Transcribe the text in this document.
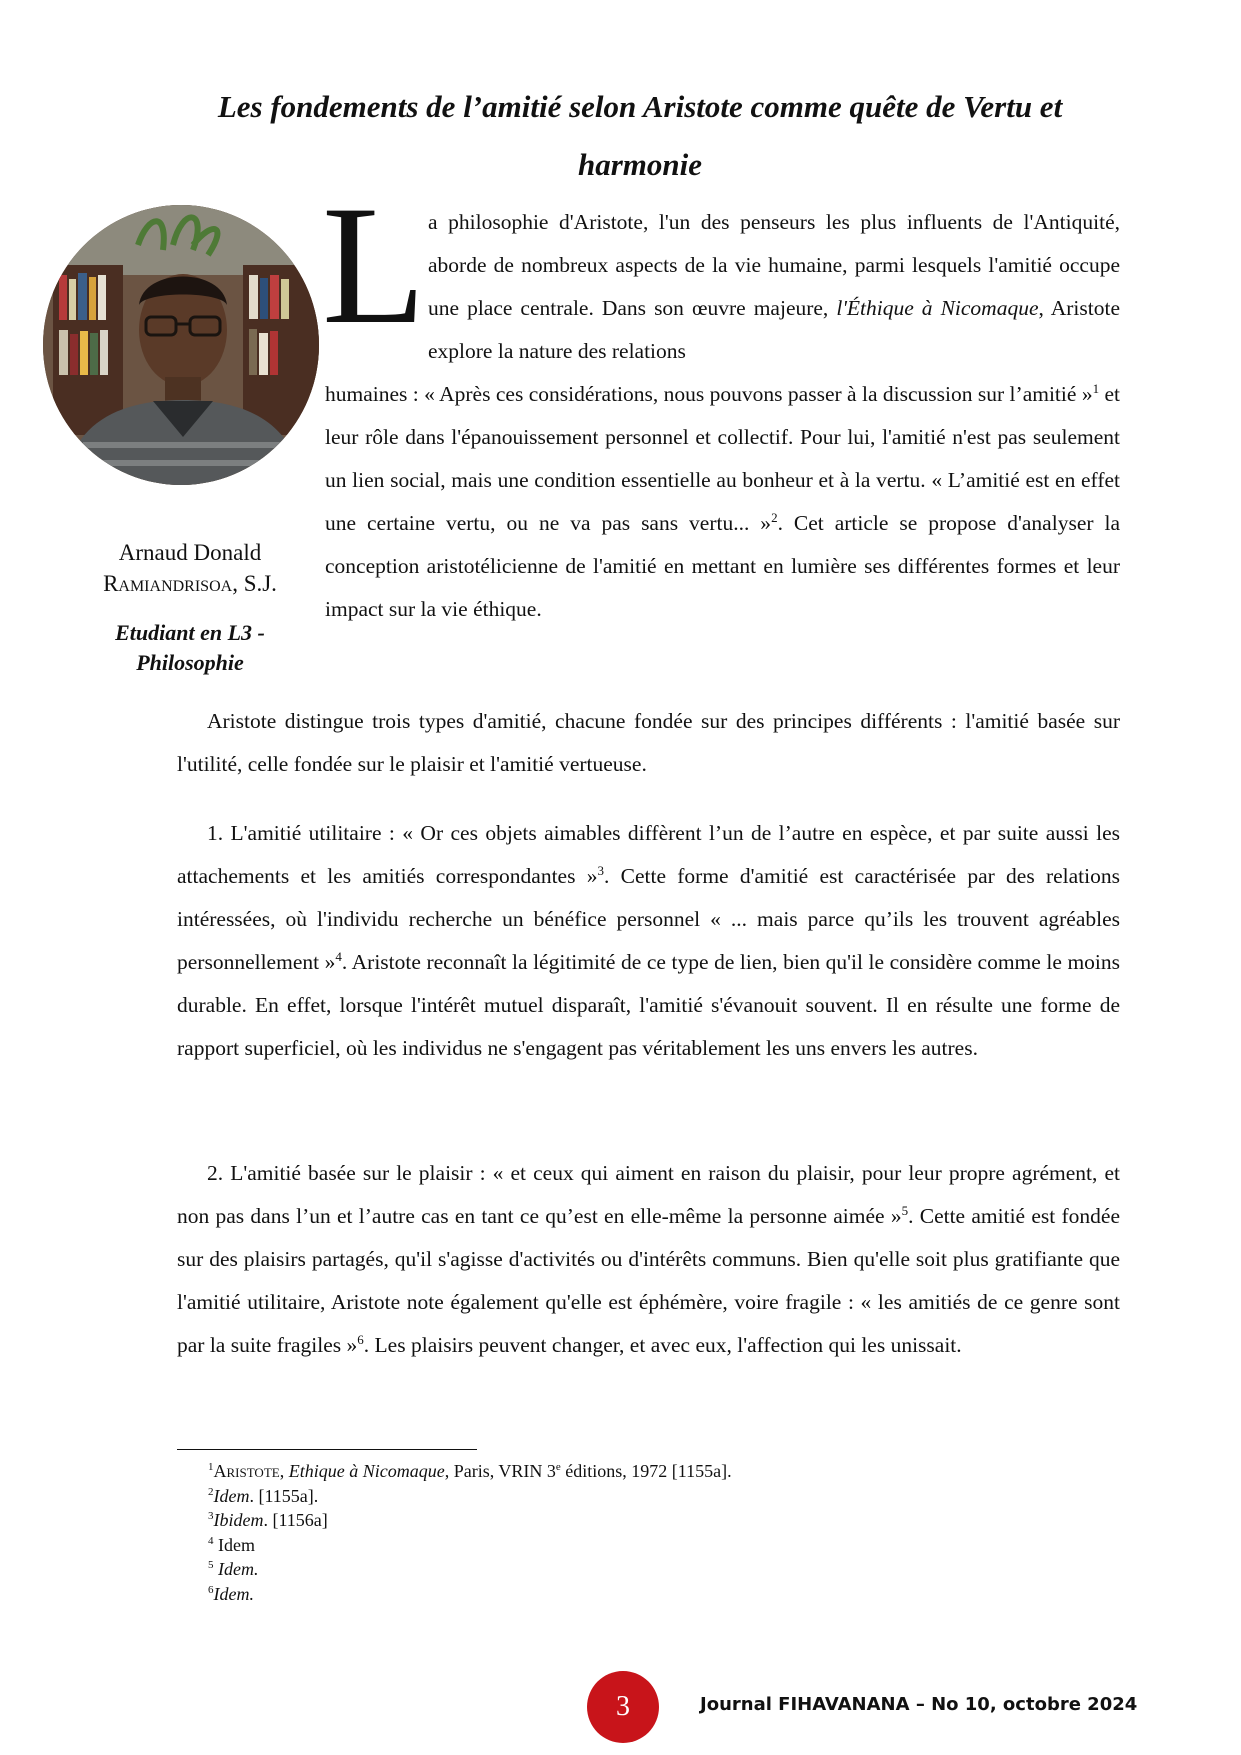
Les fondements de l’amitié selon Aristote comme quête de Vertu et harmonie
Arnaud Donald
Ramiandrisoa, S.J.

Etudiant en L3 - Philosophie

L a philosophie d'Aristote, l'un des penseurs les plus influents de l'Antiquité, aborde de nombreux aspects de la vie humaine, parmi lesquels l'amitié occupe une place centrale. Dans son œuvre majeure, l'Éthique à Nicomaque, Aristote explore la nature des relations

humaines : « Après ces considérations, nous pouvons passer à la discussion sur l’amitié »$^1$ et leur rôle dans l'épanouissement personnel et collectif. Pour lui, l'amitié n'est pas seulement un lien social, mais une condition essentielle au bonheur et à la vertu. « L’amitié est en effet une certaine vertu, ou ne va pas sans vertu... »$^2$. Cet article se propose d'analyser la conception aristotélicienne de l'amitié en mettant en lumière ses différentes formes et leur impact sur la vie éthique.

Aristote distingue trois types d'amitié, chacune fondée sur des principes différents : l'amitié basée sur l'utilité, celle fondée sur le plaisir et l'amitié vertueuse.

1. L'amitié utilitaire : « Or ces objets aimables diffèrent l’un de l’autre en espèce, et par suite aussi les attachements et les amitiés correspondantes »$^3$. Cette forme d'amitié est caractérisée par des relations intéressées, où l'individu recherche un bénéfice personnel « ... mais parce qu’ils les trouvent agréables personnellement »$^4$. Aristote reconnaît la légitimité de ce type de lien, bien qu'il le considère comme le moins durable. En effet, lorsque l'intérêt mutuel disparaît, l'amitié s'évanouit souvent. Il en résulte une forme de rapport superficiel, où les individus ne s'engagent pas véritablement les uns envers les autres.

2. L'amitié basée sur le plaisir : « et ceux qui aiment en raison du plaisir, pour leur propre agrément, et non pas dans l’un et l’autre cas en tant ce qu’est en elle-même la personne aimée »$^5$. Cette amitié est fondée sur des plaisirs partagés, qu'il s'agisse d'activités ou d'intérêts communs. Bien qu'elle soit plus gratifiante que l'amitié utilitaire, Aristote note également qu'elle est éphémère, voire fragile : « les amitiés de ce genre sont par la suite fragiles »$^6$. Les plaisirs peuvent changer, et avec eux, l'affection qui les unissait.

$^1$Aristote, Ethique à Nicomaque, Paris, VRIN 3e éditions, 1972 [1155a].
$^2$Idem. [1155a].
$^3$Ibidem. [1156a]
$^4$ Idem
$^5$ Idem.
$^6$Idem.
3	Journal FIHAVANANA – No 10, octobre 2024
